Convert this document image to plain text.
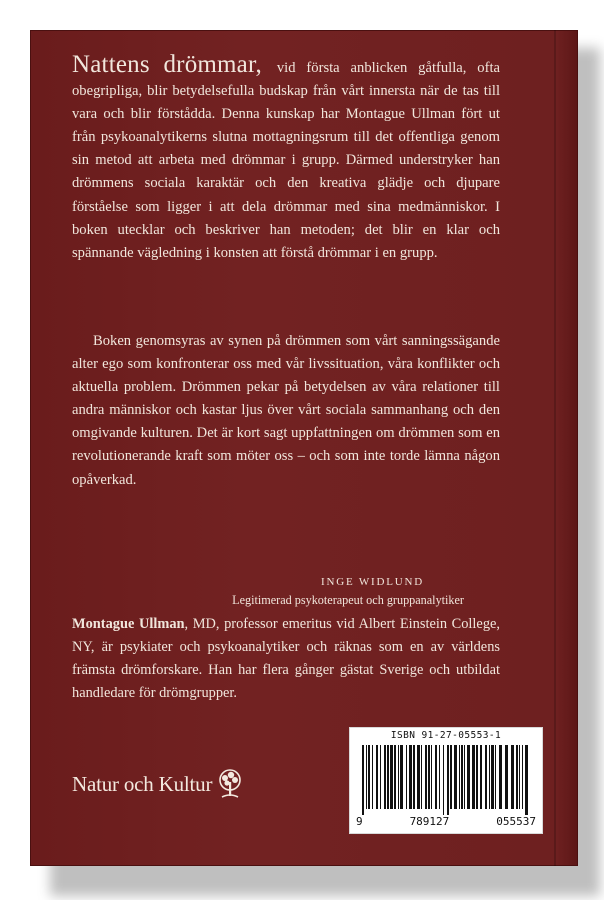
Nattens drömmar, vid första anblicken gåtfulla, ofta obegripliga, blir betydelsefulla budskap från vårt innersta när de tas till vara och blir förstådda. Denna kunskap har Montague Ullman fört ut från psykoanalytikerns slutna mottagningsrum till det offentliga genom sin metod att arbeta med drömmar i grupp. Därmed understryker han drömmens sociala karaktär och den kreativa glädje och djupare förståelse som ligger i att dela drömmar med sina medmänniskor. I boken utecklar och beskriver han metoden; det blir en klar och spännande vägledning i konsten att förstå drömmar i en grupp.
Boken genomsyras av synen på drömmen som vårt sanningssägande alter ego som konfronterar oss med vår livssituation, våra konflikter och aktuella problem. Drömmen pekar på betydelsen av våra relationer till andra människor och kastar ljus över vårt sociala sammanhang och den omgivande kulturen. Det är kort sagt uppfattningen om drömmen som en revolutionerande kraft som möter oss – och som inte torde lämna någon opåverkad.
INGE WIDLUND
Legitimerad psykoterapeut och gruppanalytiker
Montague Ullman, MD, professor emeritus vid Albert Einstein College, NY, är psykiater och psykoanalytiker och räknas som en av världens främsta drömforskare. Han har flera gånger gästat Sverige och utbildat handledare för drömgrupper.
Natur och Kultur
ISBN 91-27-05553-1
9	789127	055537
